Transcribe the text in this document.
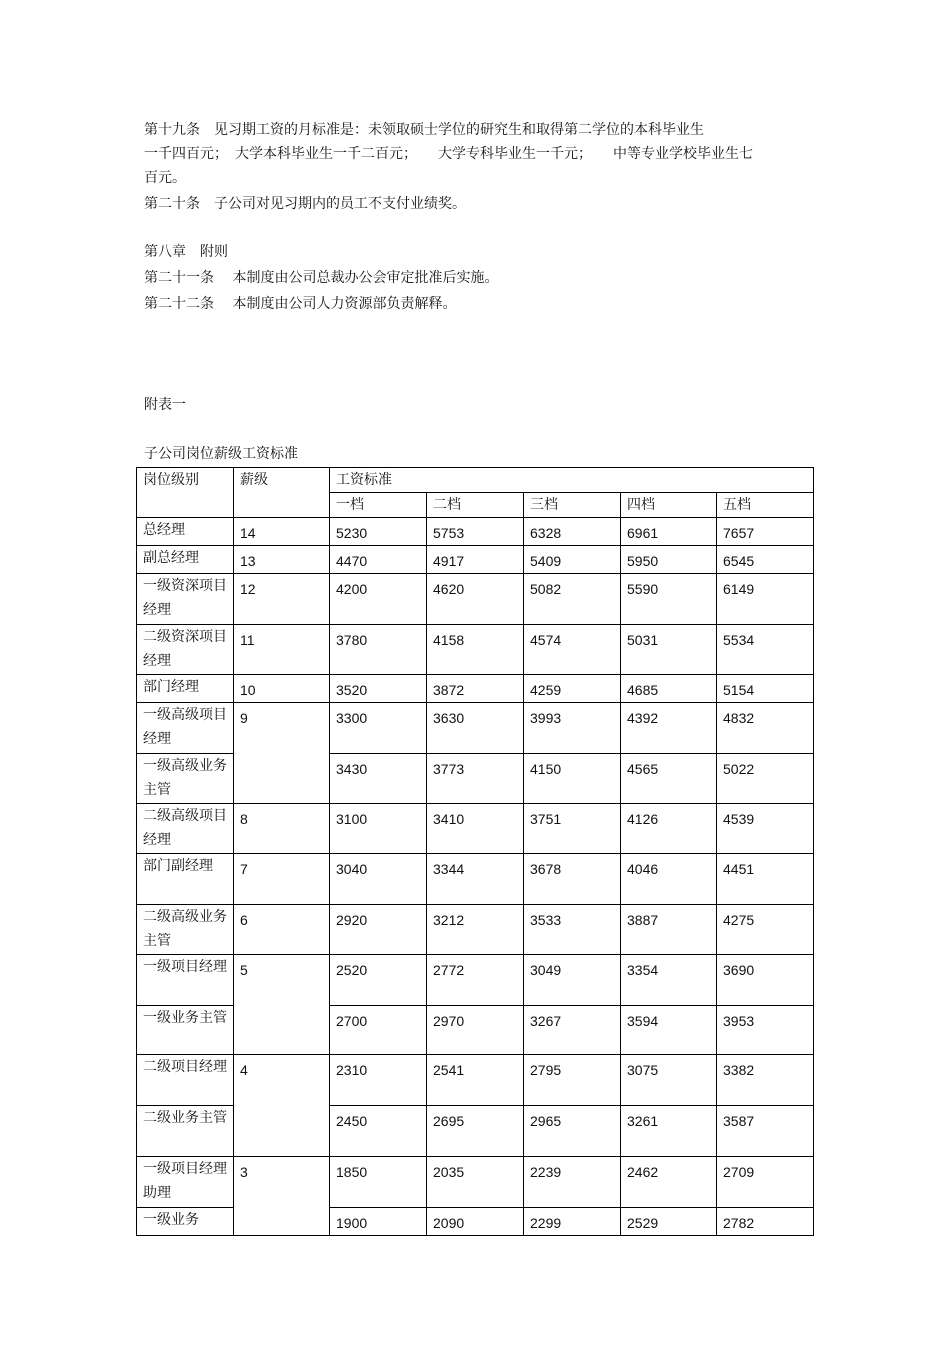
第十九条　见习期工资的月标准是：未领取硕士学位的研究生和取得第二学位的本科毕业生

一千四百元；　大学本科毕业生一千二百元；　　大学专科毕业生一千元；　　中等专业学校毕业生七

百元。

第二十条　子公司对见习期内的员工不支付业绩奖。

第八章　附则

第二十一条　 本制度由公司总裁办公会审定批准后实施。

第二十二条　 本制度由公司人力资源部负责解释。

附表一

子公司岗位薪级工资标准

岗位级别	薪级	工资标准				
		一档	二档	三档	四档	五档
总经理	14	5230	5753	6328	6961	7657
副总经理	13	4470	4917	5409	5950	6545
一级资深项目经理	12	4200	4620	5082	5590	6149
二级资深项目经理	11	3780	4158	4574	5031	5534
部门经理	10	3520	3872	4259	4685	5154
一级高级项目经理	9	3300	3630	3993	4392	4832
一级高级业务主管		3430	3773	4150	4565	5022
二级高级项目经理	8	3100	3410	3751	4126	4539
部门副经理	7	3040	3344	3678	4046	4451
二级高级业务主管	6	2920	3212	3533	3887	4275
一级项目经理	5	2520	2772	3049	3354	3690
一级业务主管		2700	2970	3267	3594	3953
二级项目经理	4	2310	2541	2795	3075	3382
二级业务主管		2450	2695	2965	3261	3587
一级项目经理助理	3	1850	2035	2239	2462	2709
一级业务		1900	2090	2299	2529	2782
